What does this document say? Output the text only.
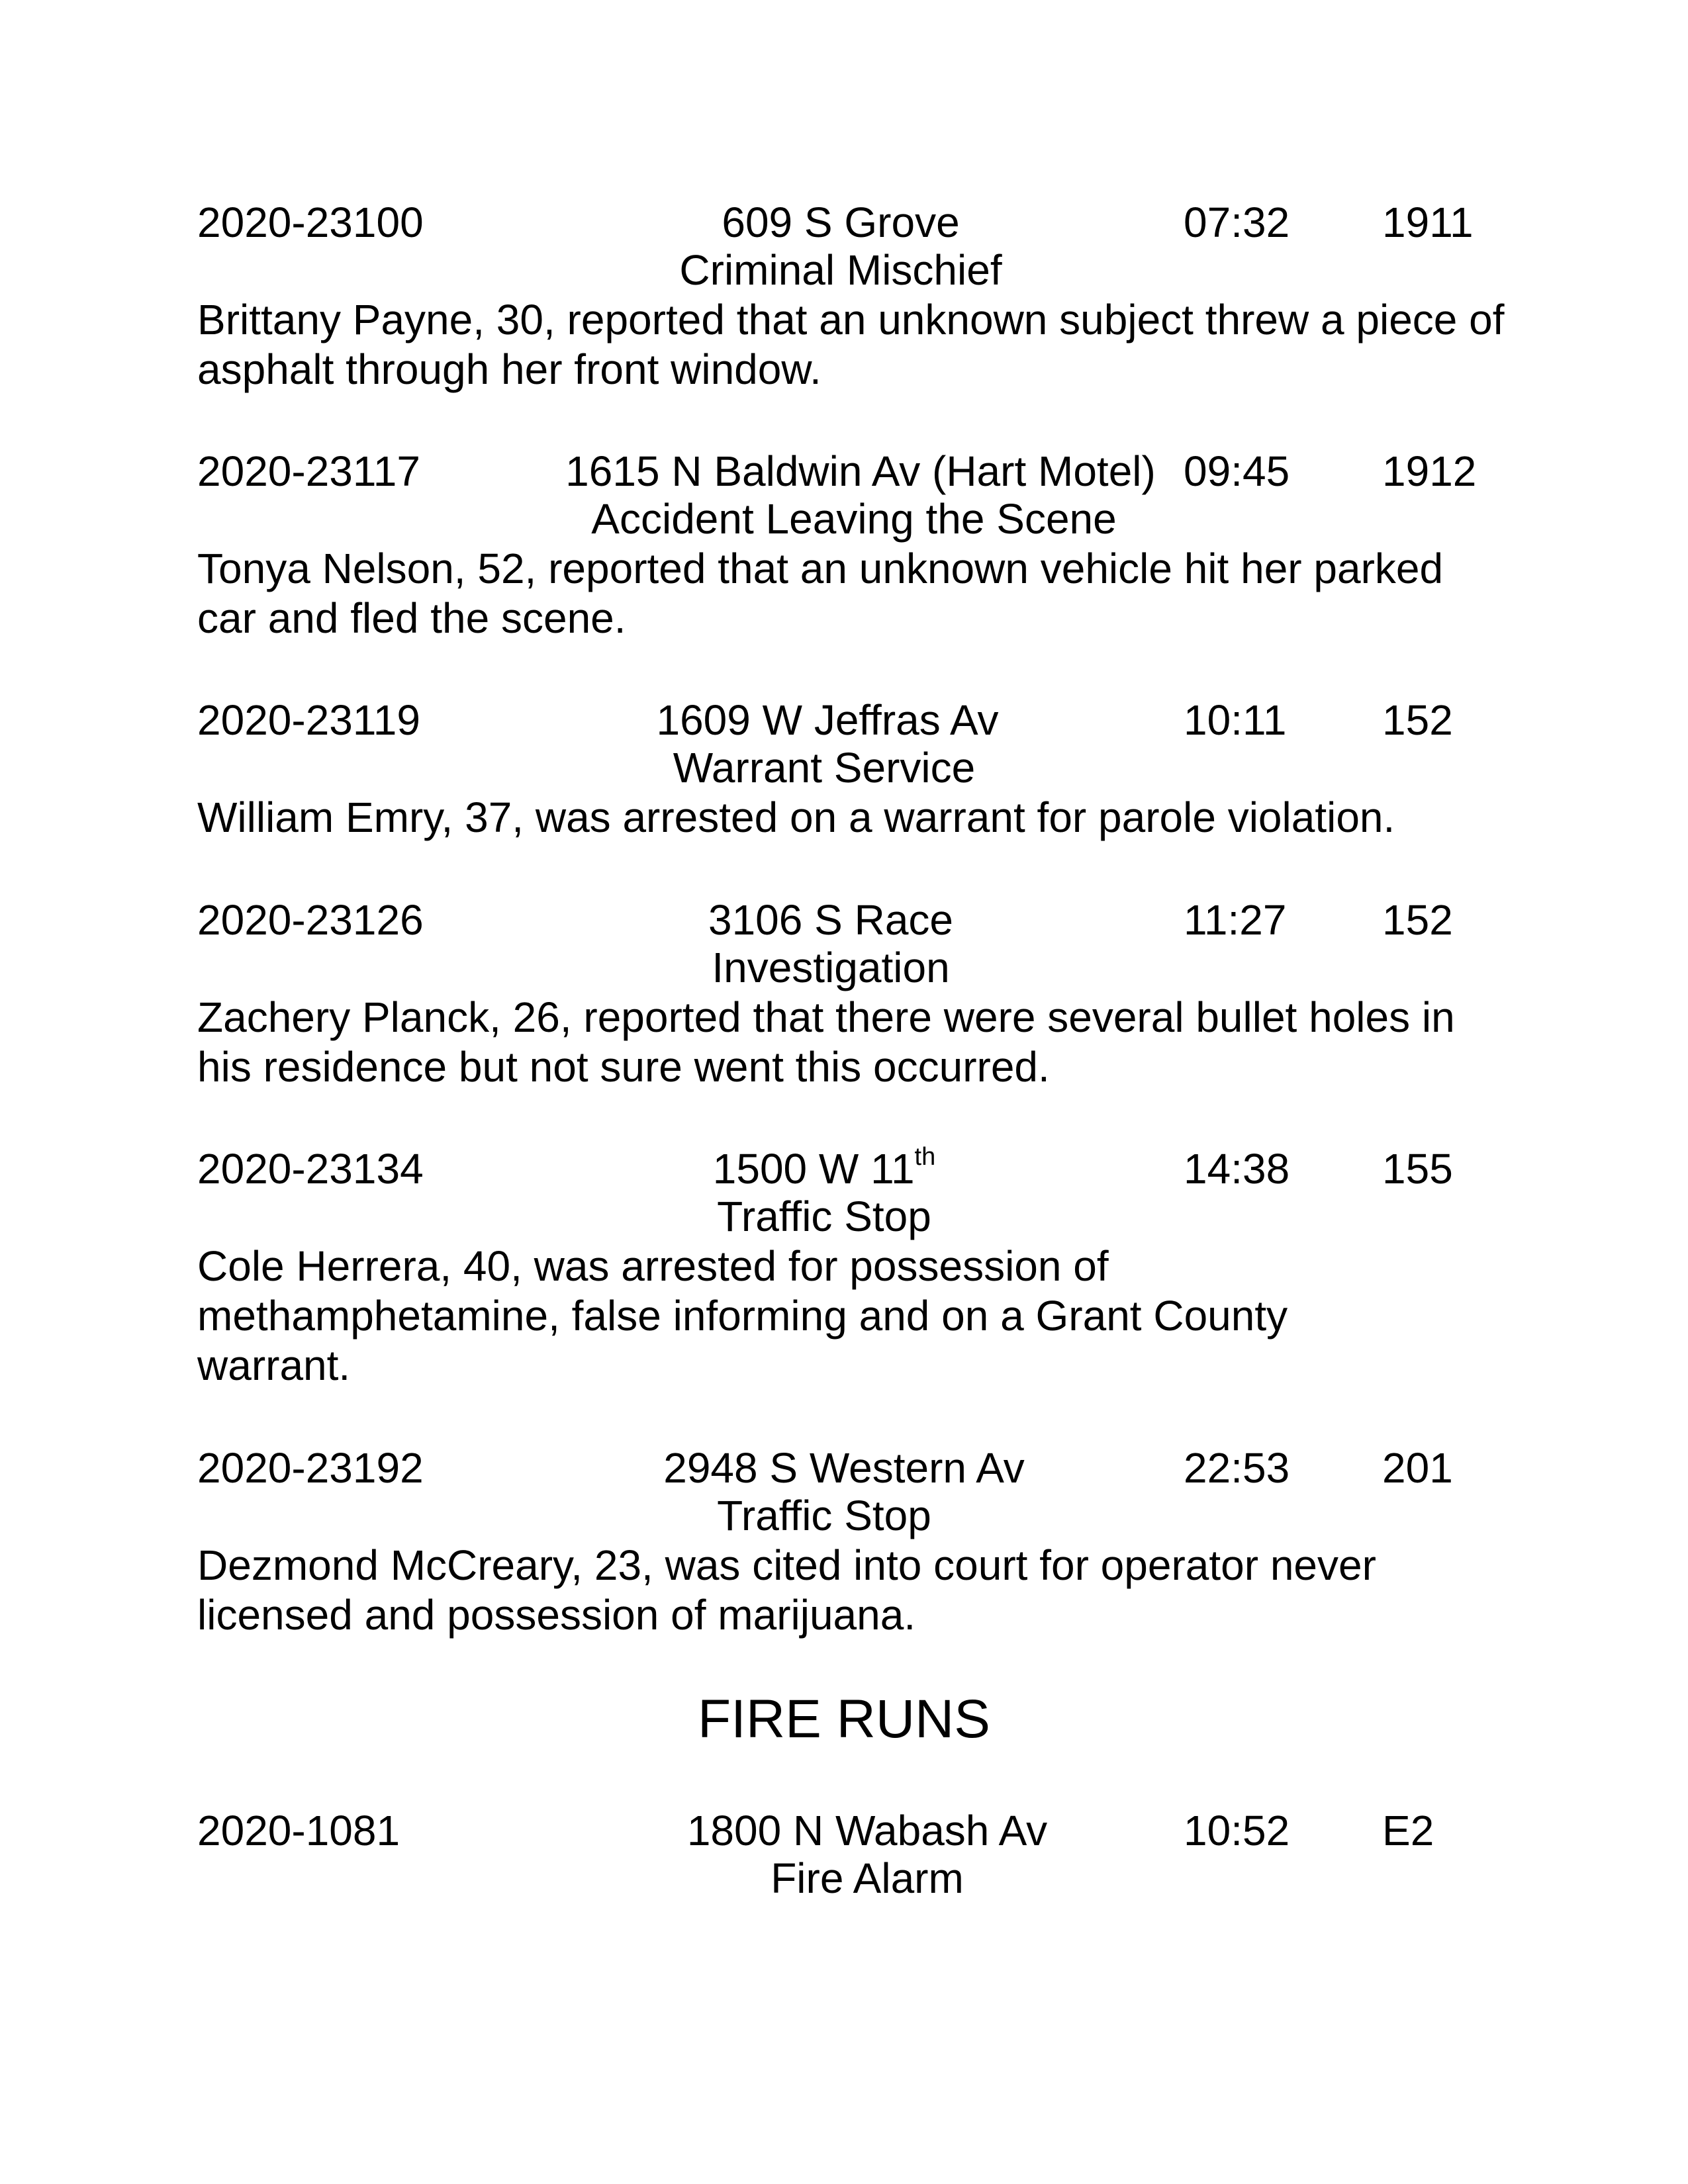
2020-23100	609 S Grove	07:32 1911
Criminal Mischief

Brittany Payne, 30, reported that an unknown subject threw a piece of asphalt through her front window.

2020-23117	1615 N Baldwin Av (Hart Motel) 09:45 1912
Accident Leaving the Scene

Tonya Nelson, 52, reported that an unknown vehicle hit her parked car and fled the scene.

2020-23119	1609 W Jeffras Av	10:11 152
Warrant Service

William Emry, 37, was arrested on a warrant for parole violation.

2020-23126	3106 S Race	11:27 152
Investigation

Zachery Planck, 26, reported that there were several bullet holes in his residence but not sure went this occurred.

2020-23134	1500 W 11th	14:38 155
Traffic Stop

Cole Herrera, 40, was arrested for possession of methamphetamine, false informing and on a Grant County warrant.

2020-23192	2948 S Western Av	22:53 201
Traffic Stop

Dezmond McCreary, 23, was cited into court for operator never licensed and possession of marijuana.

FIRE RUNS
2020-1081	1800 N Wabash Av	10:52 E2
Fire Alarm
